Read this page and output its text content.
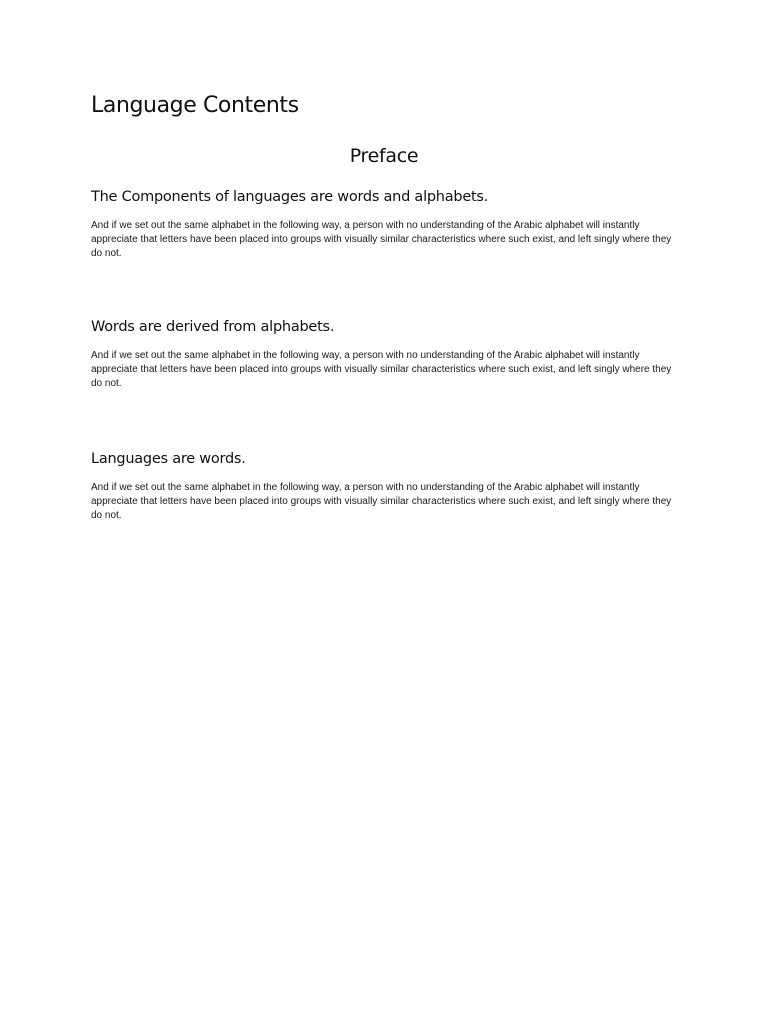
Language Contents
Preface
The Components of languages are words and alphabets.

And if we set out the same alphabet in the following way, a person with no understanding of the Arabic alphabet will instantly appreciate that letters have been placed into groups with visually similar characteristics where such exist, and left singly where they do not.

Words are derived from alphabets.

And if we set out the same alphabet in the following way, a person with no understanding of the Arabic alphabet will instantly appreciate that letters have been placed into groups with visually similar characteristics where such exist, and left singly where they do not.

Languages are words.

And if we set out the same alphabet in the following way, a person with no understanding of the Arabic alphabet will instantly appreciate that letters have been placed into groups with visually similar characteristics where such exist, and left singly where they do not.
